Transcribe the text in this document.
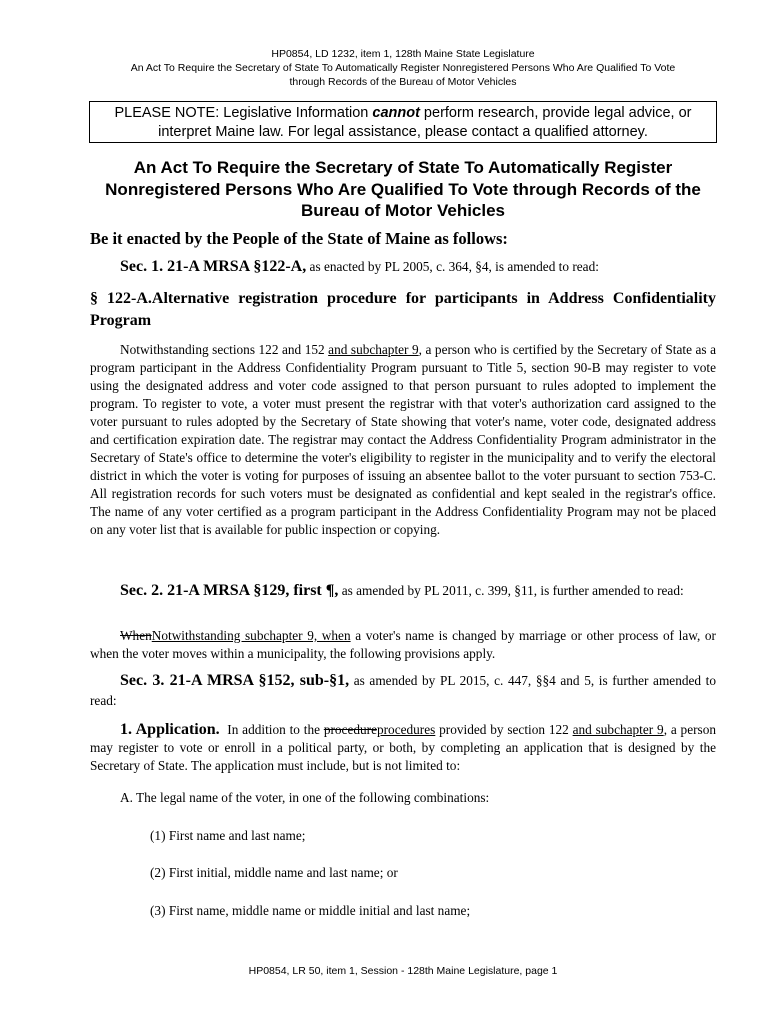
HP0854, LD 1232, item 1, 128th Maine State Legislature
An Act To Require the Secretary of State To Automatically Register Nonregistered Persons Who Are Qualified To Vote
through Records of the Bureau of Motor Vehicles
PLEASE NOTE: Legislative Information cannot perform research, provide legal advice, or interpret Maine law. For legal assistance, please contact a qualified attorney.
An Act To Require the Secretary of State To Automatically Register Nonregistered Persons Who Are Qualified To Vote through Records of the Bureau of Motor Vehicles
Be it enacted by the People of the State of Maine as follows:

Sec. 1. 21-A MRSA §122-A, as enacted by PL 2005, c. 364, §4, is amended to read:

§ 122-A.Alternative registration procedure for participants in Address Confidentiality Program

Notwithstanding sections 122 and 152 and subchapter 9, a person who is certified by the Secretary of State as a program participant in the Address Confidentiality Program pursuant to Title 5, section 90-B may register to vote using the designated address and voter code assigned to that person pursuant to rules adopted to implement the program. To register to vote, a voter must present the registrar with that voter's authorization card assigned to the voter pursuant to rules adopted by the Secretary of State showing that voter's name, voter code, designated address and certification expiration date. The registrar may contact the Address Confidentiality Program administrator in the Secretary of State's office to determine the voter's eligibility to register in the municipality and to verify the electoral district in which the voter is voting for purposes of issuing an absentee ballot to the voter pursuant to section 753-C. All registration records for such voters must be designated as confidential and kept sealed in the registrar's office. The name of any voter certified as a program participant in the Address Confidentiality Program may not be placed on any voter list that is available for public inspection or copying.

Sec. 2. 21-A MRSA §129, first ¶, as amended by PL 2011, c. 399, §11, is further amended to read:

WhenNotwithstanding subchapter 9, when a voter's name is changed by marriage or other process of law, or when the voter moves within a municipality, the following provisions apply.

Sec. 3. 21-A MRSA §152, sub-§1, as amended by PL 2015, c. 447, §§4 and 5, is further amended to read:

1. Application.  In addition to the procedureprocedures provided by section 122 and subchapter 9, a person may register to vote or enroll in a political party, or both, by completing an application that is designed by the Secretary of State. The application must include, but is not limited to:

A. The legal name of the voter, in one of the following combinations:
(1) First name and last name;
(2) First initial, middle name and last name; or
(3) First name, middle name or middle initial and last name;
HP0854, LR 50, item 1, Session - 128th Maine Legislature, page 1
